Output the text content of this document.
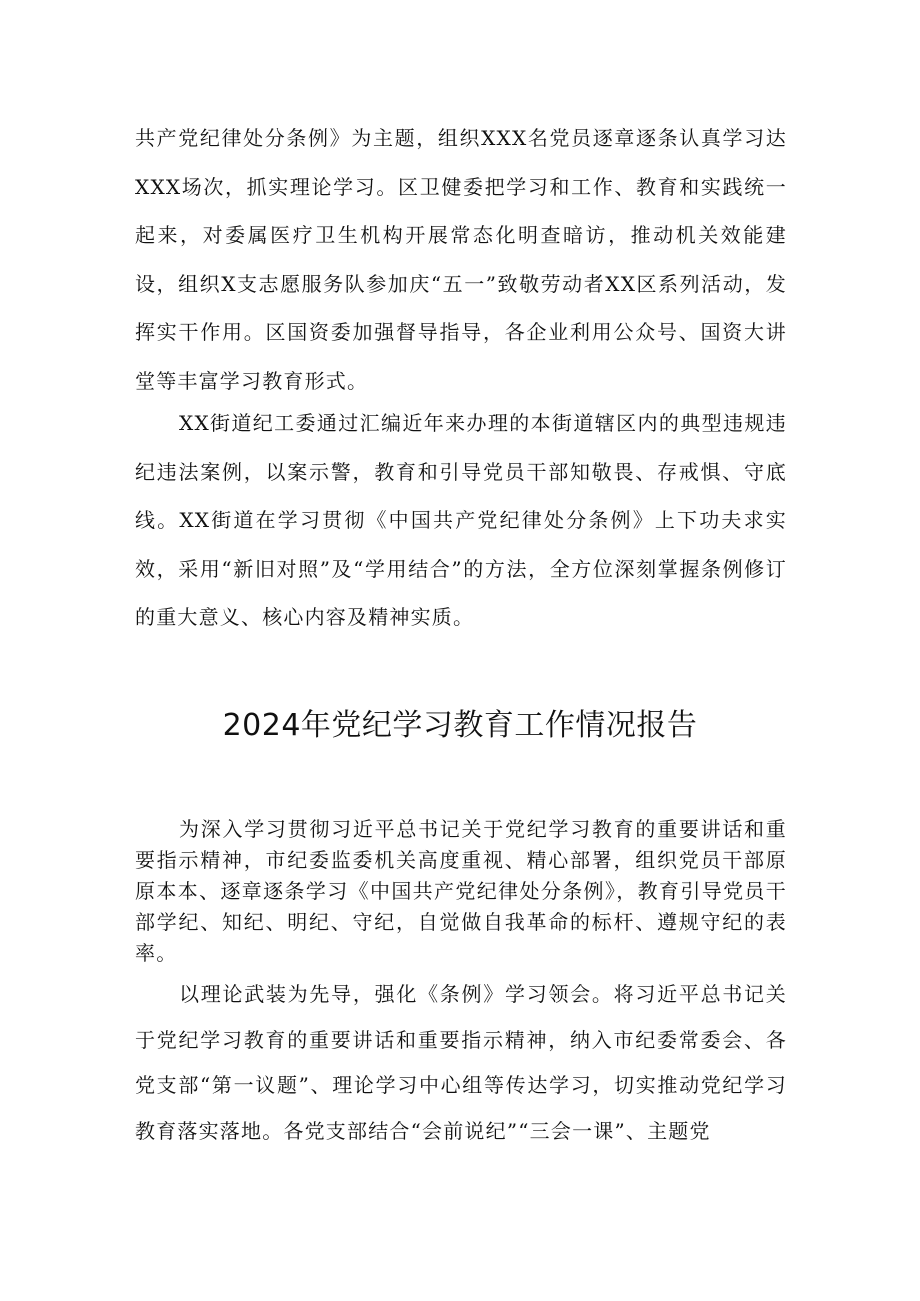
共产党纪律处分条例》为主题，组织XXX名党员逐章逐条认真学习达XXX场次，抓实理论学习。区卫健委把学习和工作、教育和实践统一起来，对委属医疗卫生机构开展常态化明查暗访，推动机关效能建设，组织X支志愿服务队参加庆“五一”致敬劳动者XX区系列活动，发挥实干作用。区国资委加强督导指导，各企业利用公众号、国资大讲堂等丰富学习教育形式。

XX街道纪工委通过汇编近年来办理的本街道辖区内的典型违规违纪违法案例，以案示警，教育和引导党员干部知敬畏、存戒惧、守底线。XX街道在学习贯彻《中国共产党纪律处分条例》上下功夫求实效，采用“新旧对照”及“学用结合”的方法，全方位深刻掌握条例修订的重大意义、核心内容及精神实质。

2024年党纪学习教育工作情况报告

为深入学习贯彻习近平总书记关于党纪学习教育的重要讲话和重要指示精神，市纪委监委机关高度重视、精心部署，组织党员干部原原本本、逐章逐条学习《中国共产党纪律处分条例》，教育引导党员干部学纪、知纪、明纪、守纪，自觉做自我革命的标杆、遵规守纪的表率。

以理论武装为先导，强化《条例》学习领会。将习近平总书记关于党纪学习教育的重要讲话和重要指示精神，纳入市纪委常委会、各党支部“第一议题”、理论学习中心组等传达学习，切实推动党纪学习教育落实落地。各党支部结合“会前说纪”“三会一课”、主题党
